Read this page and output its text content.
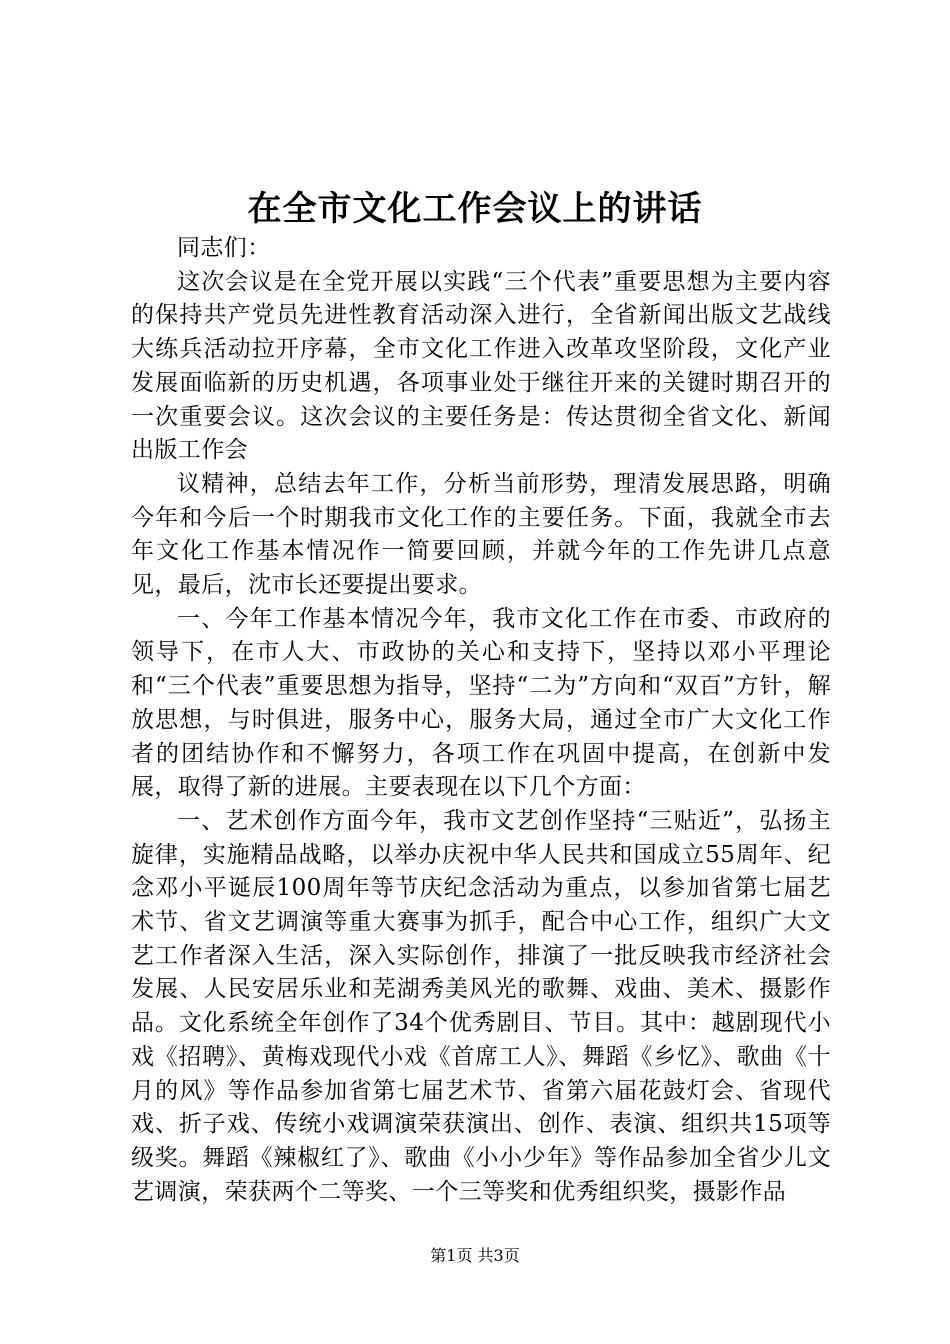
在全市文化工作会议上的讲话

同志们：

这次会议是在全党开展以实践“三个代表”重要思想为主要内容的保持共产党员先进性教育活动深入进行，全省新闻出版文艺战线大练兵活动拉开序幕，全市文化工作进入改革攻坚阶段，文化产业发展面临新的历史机遇，各项事业处于继往开来的关键时期召开的一次重要会议。这次会议的主要任务是：传达贯彻全省文化、新闻出版工作会

议精神，总结去年工作，分析当前形势，理清发展思路，明确今年和今后一个时期我市文化工作的主要任务。下面，我就全市去年文化工作基本情况作一简要回顾，并就今年的工作先讲几点意见，最后，沈市长还要提出要求。

一、今年工作基本情况今年，我市文化工作在市委、市政府的领导下，在市人大、市政协的关心和支持下，坚持以邓小平理论和“三个代表”重要思想为指导，坚持“二为”方向和“双百”方针，解放思想，与时俱进，服务中心，服务大局，通过全市广大文化工作者的团结协作和不懈努力，各项工作在巩固中提高，在创新中发展，取得了新的进展。主要表现在以下几个方面：

一、艺术创作方面今年，我市文艺创作坚持“三贴近”，弘扬主旋律，实施精品战略，以举办庆祝中华人民共和国成立55周年、纪念邓小平诞辰100周年等节庆纪念活动为重点，以参加省第七届艺术节、省文艺调演等重大赛事为抓手，配合中心工作，组织广大文艺工作者深入生活，深入实际创作，排演了一批反映我市经济社会发展、人民安居乐业和芜湖秀美风光的歌舞、戏曲、美术、摄影作品。文化系统全年创作了34个优秀剧目、节目。其中：越剧现代小戏《招聘》、黄梅戏现代小戏《首席工人》、舞蹈《乡忆》、歌曲《十月的风》等作品参加省第七届艺术节、省第六届花鼓灯会、省现代戏、折子戏、传统小戏调演荣获演出、创作、表演、组织共15项等级奖。舞蹈《辣椒红了》、歌曲《小小少年》等作品参加全省少儿文艺调演，荣获两个二等奖、一个三等奖和优秀组织奖，摄影作品

第1页 共3页
